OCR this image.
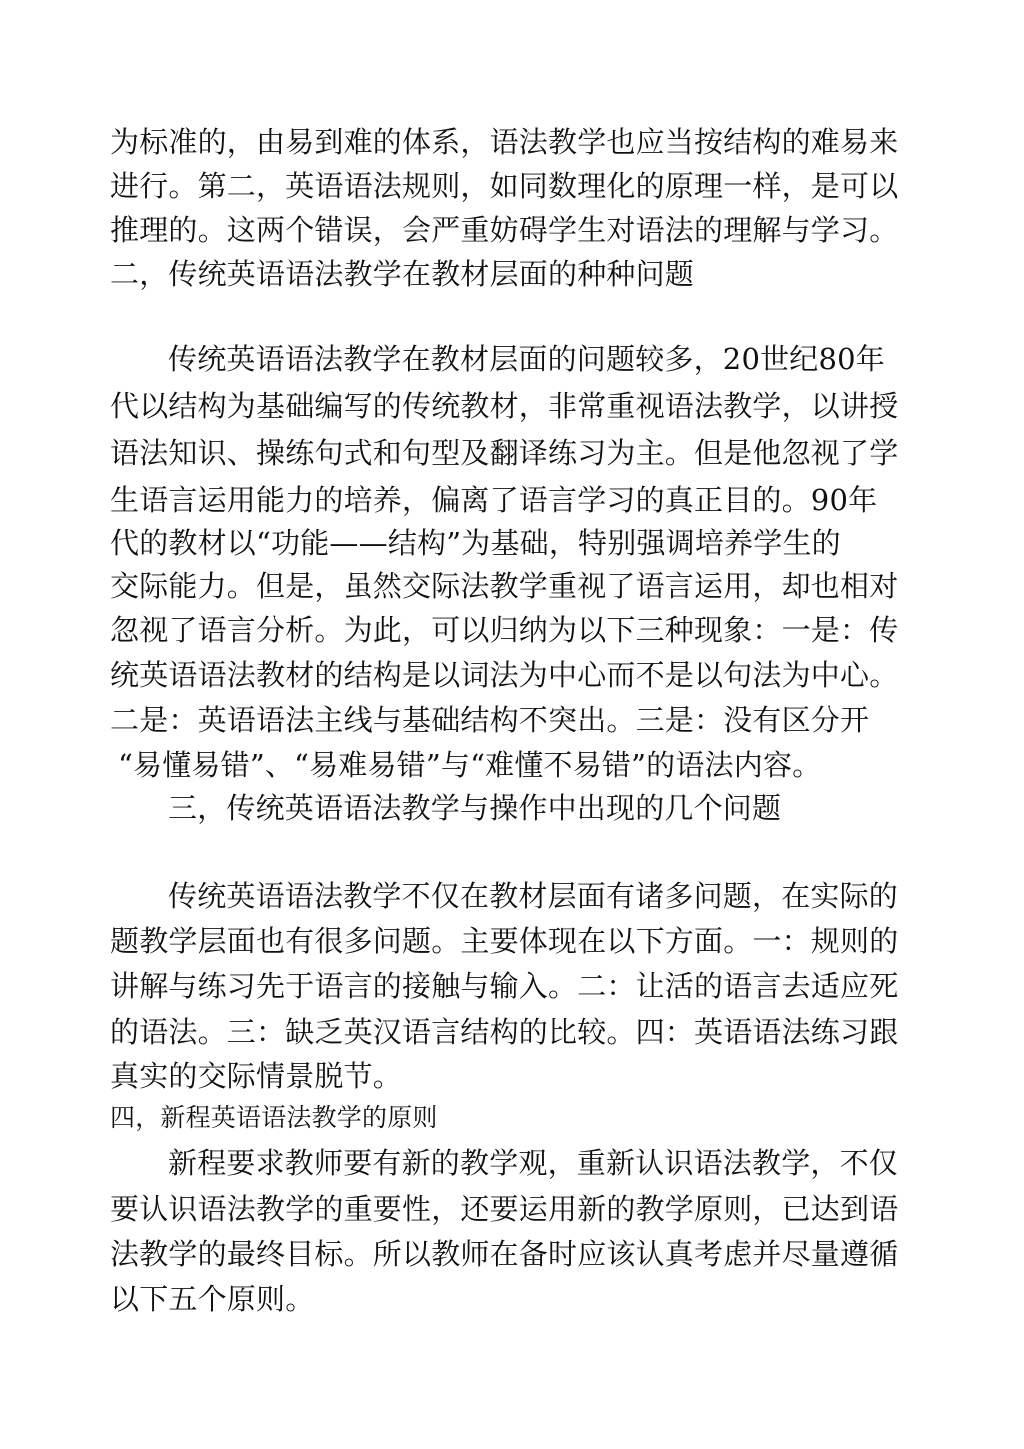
为标准的，由易到难的体系，语法教学也应当按结构的难易来
进行。第二，英语语法规则，如同数理化的原理一样，是可以
推理的。这两个错误，会严重妨碍学生对语法的理解与学习。
二，传统英语语法教学在教材层面的种种问题
传统英语语法教学在教材层面的问题较多，20世纪80年
代以结构为基础编写的传统教材，非常重视语法教学，以讲授
语法知识、操练句式和句型及翻译练习为主。但是他忽视了学
生语言运用能力的培养，偏离了语言学习的真正目的。90年
代的教材以“功能——结构”为基础，特别强调培养学生的
交际能力。但是，虽然交际法教学重视了语言运用，却也相对
忽视了语言分析。为此，可以归纳为以下三种现象：一是：传
统英语语法教材的结构是以词法为中心而不是以句法为中心。
二是：英语语法主线与基础结构不突出。三是：没有区分开
“易懂易错”、“易难易错”与“难懂不易错”的语法内容。
三，传统英语语法教学与操作中出现的几个问题
传统英语语法教学不仅在教材层面有诸多问题，在实际的
题教学层面也有很多问题。主要体现在以下方面。一：规则的
讲解与练习先于语言的接触与输入。二：让活的语言去适应死
的语法。三：缺乏英汉语言结构的比较。四：英语语法练习跟
真实的交际情景脱节。
四，新程英语语法教学的原则
新程要求教师要有新的教学观，重新认识语法教学，不仅
要认识语法教学的重要性，还要运用新的教学原则，已达到语
法教学的最终目标。所以教师在备时应该认真考虑并尽量遵循
以下五个原则。
